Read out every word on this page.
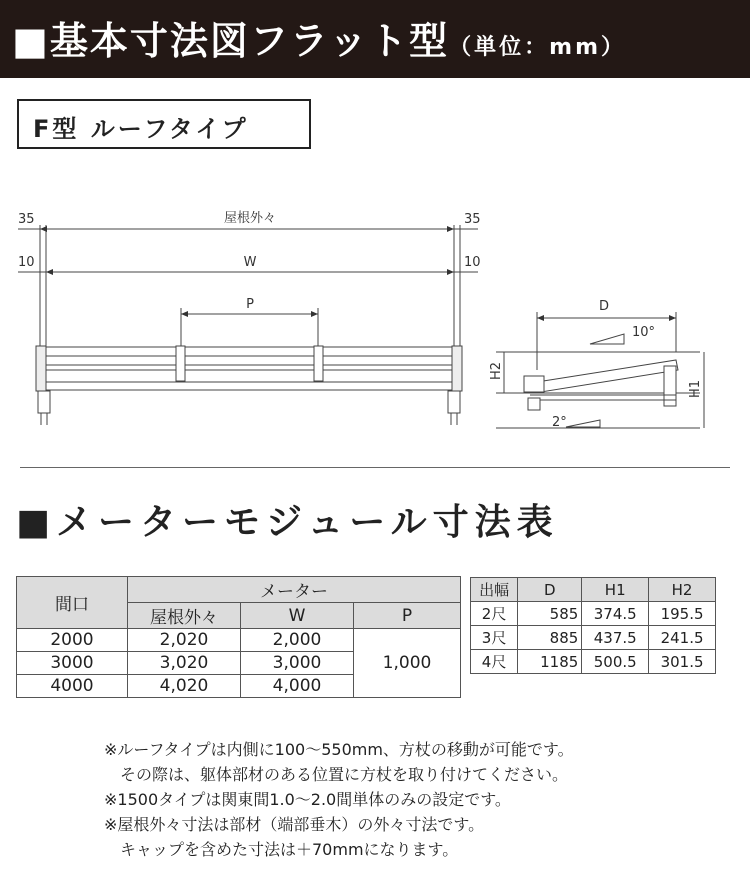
■基本寸法図フラット型（単位：mm）
F型 ルーフタイプ
屋根外々
W
P
35	35
10	10
D
10°
2°
H2
H1
■メーターモジュール寸法表
間口	メーター		
	屋根外々	W	P
2000	2,020	2,000	1,000
3000	3,020	3,000	
4000	4,020	4,000	
出幅	D	H1	H2
2尺	585	374.5	195.5
3尺	885	437.5	241.5
4尺	1185	500.5	301.5
※ルーフタイプは内側に100〜550mm、方杖の移動が可能です。
　その際は、躯体部材のある位置に方杖を取り付けてください。
※1500タイプは関東間1.0〜2.0間単体のみの設定です。
※屋根外々寸法は部材（端部垂木）の外々寸法です。
　キャップを含めた寸法は＋70mmになります。
